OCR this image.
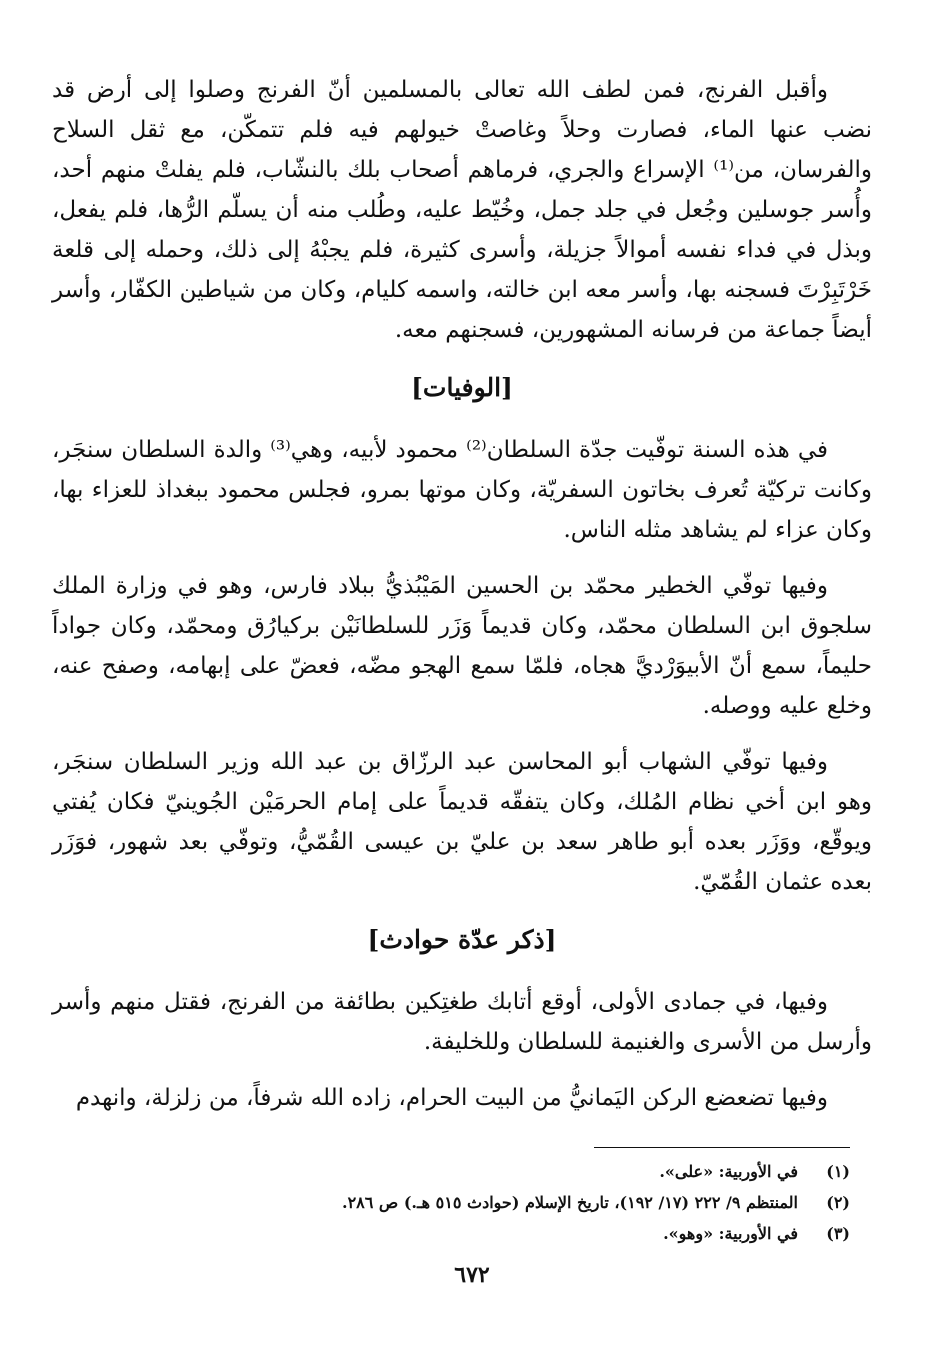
وأقبل الفرنج، فمن لطف الله تعالى بالمسلمين أنّ الفرنج وصلوا إلى أرض قد نضب عنها الماء، فصارت وحلاً وغاصتْ خيولهم فيه فلم تتمكّن، مع ثقل السلاح والفرسان، من⁽¹⁾ الإسراع والجري، فرماهم أصحاب بلك بالنشّاب، فلم يفلتْ منهم أحد، وأُسر جوسلين وجُعل في جلد جمل، وخُيّط عليه، وطُلب منه أن يسلّم الرُّها، فلم يفعل، وبذل في فداء نفسه أموالاً جزيلة، وأسرى كثيرة، فلم يجبْهُ إلى ذلك، وحمله إلى قلعة خَرْتَبِرْتَ فسجنه بها، وأسر معه ابن خالته، واسمه كليام، وكان من شياطين الكفّار، وأسر أيضاً جماعة من فرسانه المشهورين، فسجنهم معه.

[الوفيات]

في هذه السنة توفّيت جدّة السلطان⁽²⁾ محمود لأبيه، وهي⁽³⁾ والدة السلطان سنجَر، وكانت تركيّة تُعرف بخاتون السفريّة، وكان موتها بمرو، فجلس محمود ببغداذ للعزاء بها، وكان عزاء لم يشاهد مثله الناس.

وفيها توفّي الخطير محمّد بن الحسين المَيْبُذيُّ ببلاد فارس، وهو في وزارة الملك سلجوق ابن السلطان محمّد، وكان قديماً وَزَر للسلطانَيْن بركيارُق ومحمّد، وكان جواداً حليماً، سمع أنّ الأبيوَرْديَّ هجاه، فلمّا سمع الهجو مضّه، فعضّ على إبهامه، وصفح عنه، وخلع عليه ووصله.

وفيها توفّي الشهاب أبو المحاسن عبد الرزّاق بن عبد الله وزير السلطان سنجَر، وهو ابن أخي نظام المُلك، وكان يتفقّه قديماً على إمام الحرمَيْن الجُوينيّ فكان يُفتي ويوقّع، ووَزَر بعده أبو طاهر سعد بن عليّ بن عيسى القُمّيُّ، وتوفّي بعد شهور، فوَزَر بعده عثمان القُمّيّ.

[ذكر عدّة حوادث]

وفيها، في جمادى الأولى، أوقع أتابك طغتِكين بطائفة من الفرنج، فقتل منهم وأسر وأرسل من الأسرى والغنيمة للسلطان وللخليفة.

وفيها تضعضع الركن اليَمانيُّ من البيت الحرام، زاده الله شرفاً، من زلزلة، وانهدم

(١)
في الأوربية: «على».
(٢)
المنتظم ٩/ ٢٢٢ (١٧/ ١٩٢)، تاريخ الإسلام (حوادث ٥١٥ هـ.) ص ٢٨٦.
(٣)
في الأوربية: «وهو».
٦٧٢
